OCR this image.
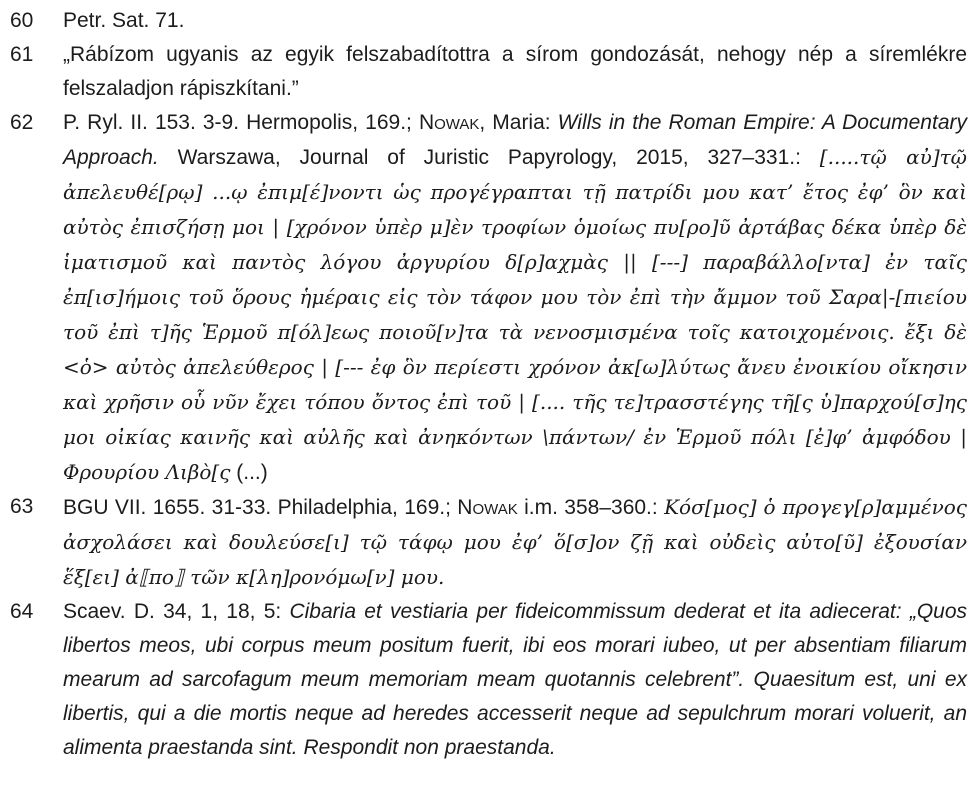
60	Petr. Sat. 71.
61	„Rábízom ugyanis az egyik felszabadítottra a sírom gondozását, nehogy nép a síremlékre felszaladjon rápiszkítani.”
62	P. Ryl. II. 153. 3-9. Hermopolis, 169.; Nowak, Maria: Wills in the Roman Empire: A Documentary Approach. Warszawa, Journal of Juristic Papyrology, 2015, 327–331.: [.....τῷ αὐ]τῷ ἀπελευθέ[ρῳ] ...ῳ ἐπιμ[έ]νοντι ὡς προγέγραπται τῇ πατρίδι μου κατ’ ἔτος ἐφ’ ὃν καὶ αὐτὸς ἐπισζήσῃ μοι | [χρόνον ὑπὲρ μ]ὲν τροφίων ὁμοίως πυ[ρο]ῦ ἀρτάβας δέκα ὑπὲρ δὲ ἱματισμοῦ καὶ παντὸς λόγου ἀργυρίου δ[ρ]αχμὰς || [---] παραβάλλο[ντα] ἐν ταῖς ἐπ[ισ]ήμοις τοῦ ὅρους ἡμέραις εἰς τὸν τάφον μου τὸν ἐπὶ τὴν ἄμμον τοῦ Σαρα|-[πιείου τοῦ ἐπὶ τ]ῆς Ἑρμοῦ π[όλ]εως ποιοῦ[ν]τα τὰ νενοσμισμένα τοῖς κατοιχομένοις. ἔξι δὲ <ὁ> αὐτὸς ἀπελεύθερος | [--- ἐφ ὃν περίεστι χρόνον ἀκ[ω]λύτως ἄνευ ἐνοικίου οἴκησιν καὶ χρῆσιν οὗ νῦν ἔχει τόπου ὄντος ἐπὶ τοῦ | [.... τῆς τε]τρασστέγης τῆ[ς ὑ]παρχού[σ]ης μοι οἰκίας καινῆς καὶ αὐλῆς καὶ ἀνηκόντων \πάντων/ ἐν Ἑρμοῦ πόλι [ἐ]φ’ ἀμφόδου | Φρουρίου Λιβὸ[ς (...)
63	BGU VII. 1655. 31-33. Philadelphia, 169.; Nowak i.m. 358–360.: Κόσ[μος] ὁ προγεγ[ρ]αμμένος ἀσχολάσει καὶ δουλεύσε[ι] τῷ τάφῳ μου ἐφ’ ὅ[σ]ον ζῇ καὶ οὐδεὶς αὐτο[ῦ] ἐξουσίαν ἕξ[ει] ἀ⟦πο⟧ τῶν κ[λη]ρονόμω[ν] μου.
64	Scaev. D. 34, 1, 18, 5: Cibaria et vestiaria per fideicommissum dederat et ita adiecerat: „Quos libertos meos, ubi corpus meum positum fuerit, ibi eos morari iubeo, ut per absentiam filiarum mearum ad sarcofagum meum memoriam meam quotannis celebrent”. Quaesitum est, uni ex libertis, qui a die mortis neque ad heredes accesserit neque ad sepulchrum morari voluerit, an alimenta praestanda sint. Respondit non praestanda.
